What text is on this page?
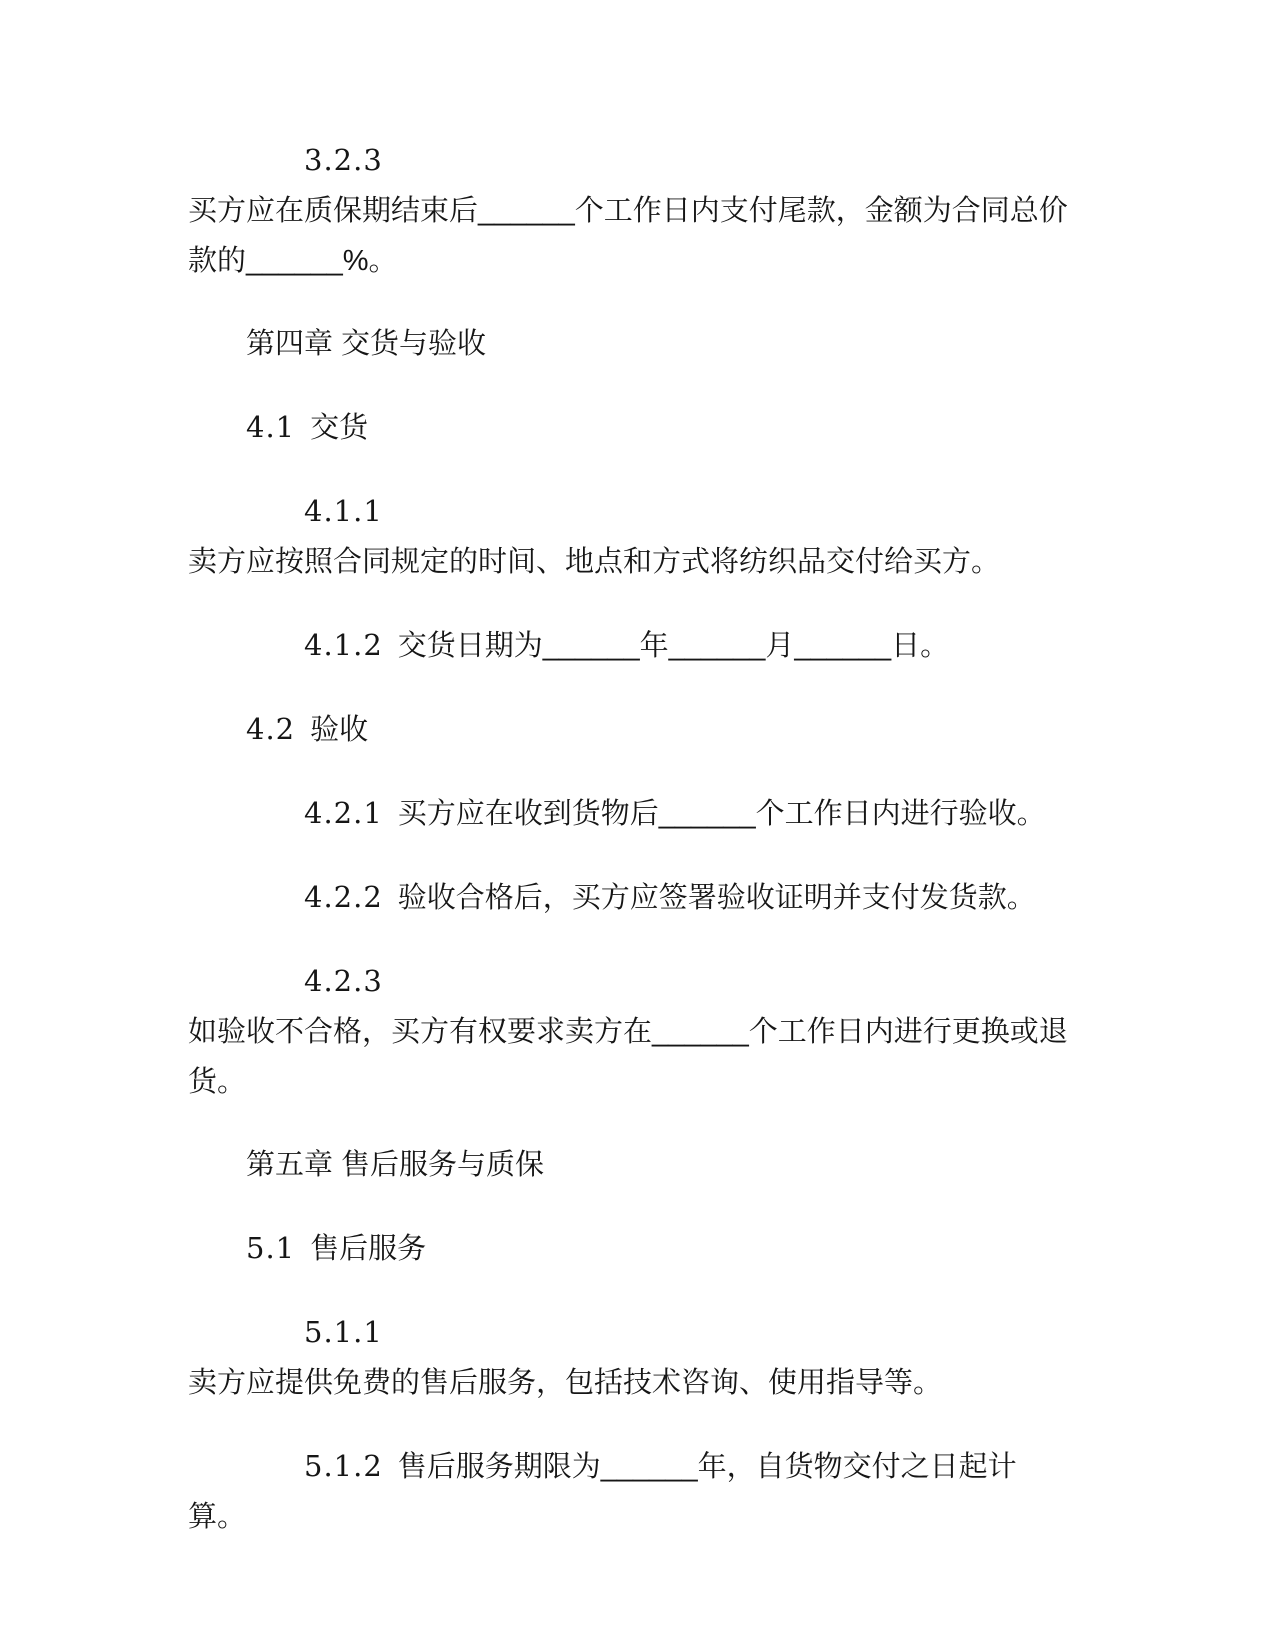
3.2.3

买方应在质保期结束后______个工作日内支付尾款，金额为合同总价款的______%。

第四章 交货与验收

4.1 交货

4.1.1

卖方应按照合同规定的时间、地点和方式将纺织品交付给买方。

4.1.2 交货日期为______年______月______日。

4.2 验收

4.2.1 买方应在收到货物后______个工作日内进行验收。

4.2.2 验收合格后，买方应签署验收证明并支付发货款。

4.2.3

如验收不合格，买方有权要求卖方在______个工作日内进行更换或退货。

第五章 售后服务与质保

5.1 售后服务

5.1.1

卖方应提供免费的售后服务，包括技术咨询、使用指导等。

5.1.2 售后服务期限为______年，自货物交付之日起计算。
